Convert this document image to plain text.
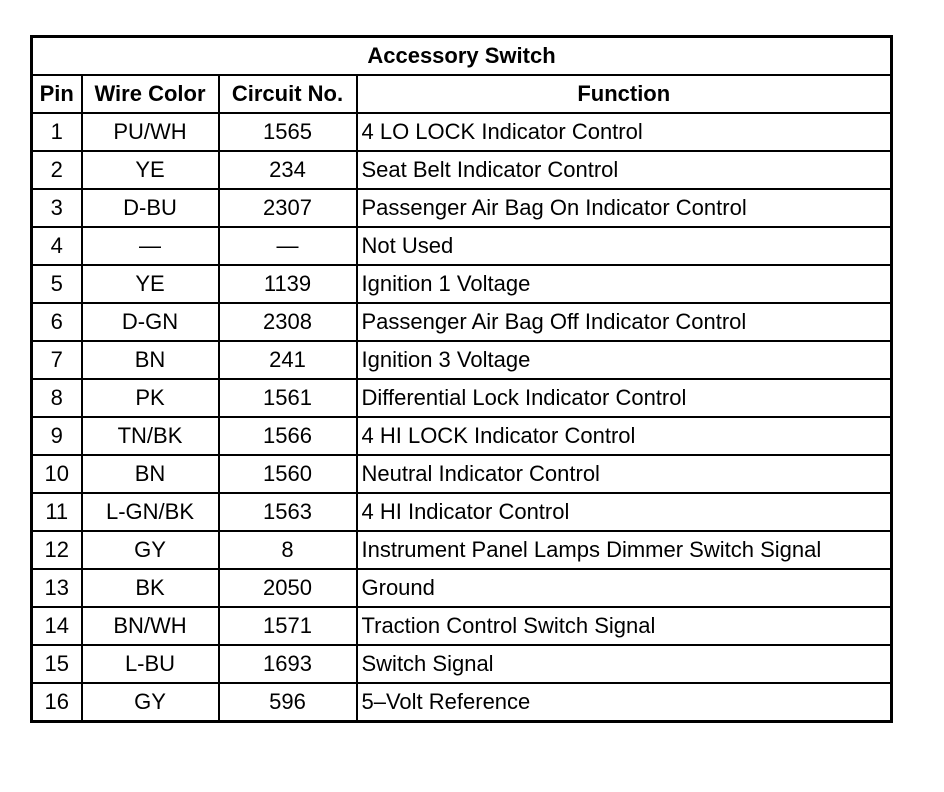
Accessory Switch			
Pin	Wire Color	Circuit No.	Function
1	PU/WH	1565	4 LO LOCK Indicator Control
2	YE	234	Seat Belt Indicator Control
3	D-BU	2307	Passenger Air Bag On Indicator Control
4	—	—	Not Used
5	YE	1139	Ignition 1 Voltage
6	D-GN	2308	Passenger Air Bag Off Indicator Control
7	BN	241	Ignition 3 Voltage
8	PK	1561	Differential Lock Indicator Control
9	TN/BK	1566	4 HI LOCK Indicator Control
10	BN	1560	Neutral Indicator Control
11	L-GN/BK	1563	4 HI Indicator Control
12	GY	8	Instrument Panel Lamps Dimmer Switch Signal
13	BK	2050	Ground
14	BN/WH	1571	Traction Control Switch Signal
15	L-BU	1693	Switch Signal
16	GY	596	5–Volt Reference
